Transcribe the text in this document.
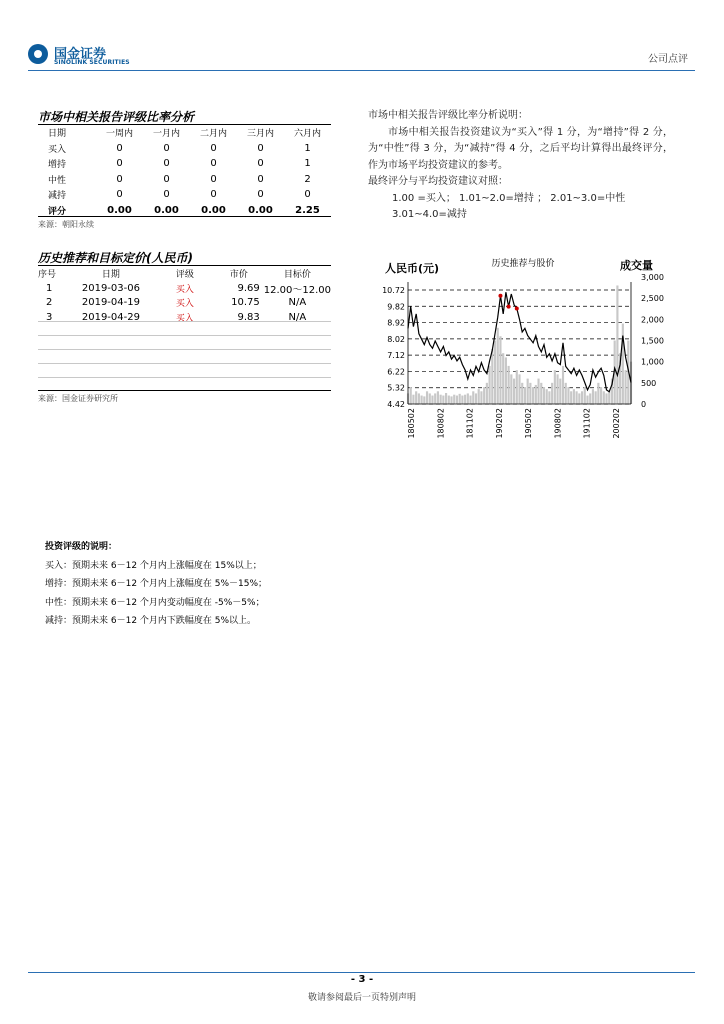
国金证券
SINOLINK SECURITIES	公司点评
市场中相关报告评级比率分析
日期	一周内	一月内	二月内	三月内	六月内
买入	0	0	0	0	1
增持	0	0	0	0	1
中性	0	0	0	0	2
减持	0	0	0	0	0
评分	0.00	0.00	0.00	0.00	2.25
来源：朝阳永续
历史推荐和目标定价(人民币)
序号	日期	评级	市价	目标价
1	2019-03-06	买入	9.69	12.00～12.00
2	2019-04-19	买入	10.75	N/A
3	2019-04-29	买入	9.83	N/A
来源：国金证券研究所

市场中相关报告评级比率分析说明：

市场中相关报告投资建议为“买入”得 1 分，为“增持”得 2 分，为“中性”得 3 分，为“减持”得 4 分，之后平均计算得出最终评分，作为市场平均投资建议的参考。

最终评分与平均投资建议对照：

1.00 =买入； 1.01~2.0=增持 ； 2.01~3.0=中性

3.01~4.0=减持

历史推荐与股价
人民币(元)	成交量
10.72
9.82
8.92
8.02
7.12
6.22
5.32
4.42
3,000
2,500
2,000
1,500
1,000
500
0
180502	180802	181102	190202	190502	190802	191102	200202

投资评级的说明：

买入：预期未来 6－12 个月内上涨幅度在 15%以上；

增持：预期未来 6－12 个月内上涨幅度在 5%－15%；

中性：预期未来 6－12 个月内变动幅度在 -5%－5%；

减持：预期未来 6－12 个月内下跌幅度在 5%以上。

- 3 -
敬请参阅最后一页特别声明
